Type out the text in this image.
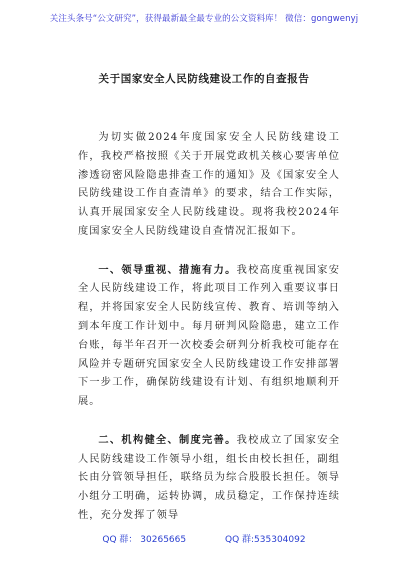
关注头条号“公文研究”，获得最新最全最专业的公文资料库！ 微信：gongwenyj
关于国家安全人民防线建设工作的自查报告

为切实做2024年度国家安全人民防线建设工作，我校严格按照《关于开展党政机关核心要害单位渗透窃密风险隐患排查工作的通知》及《国家安全人民防线建设工作自查清单》的要求，结合工作实际，认真开展国家安全人民防线建设。现将我校2024年度国家安全人民防线建设自查情况汇报如下。

一、领导重视、措施有力。我校高度重视国家安全人民防线建设工作，将此项目工作列入重要议事日程，并将国家安全人民防线宣传、教育、培训等纳入到本年度工作计划中。每月研判风险隐患，建立工作台账，每半年召开一次校委会研判分析我校可能存在风险并专题研究国家安全人民防线建设工作安排部署下一步工作，确保防线建设有计划、有组织地顺利开展。

二、机构健全、制度完善。我校成立了国家安全人民防线建设工作领导小组，组长由校长担任，副组长由分管领导担任，联络员为综合股股长担任。领导小组分工明确，运转协调，成员稳定，工作保持连续性，充分发挥了领导

QQ 群： 30265665	QQ 群:535304092
